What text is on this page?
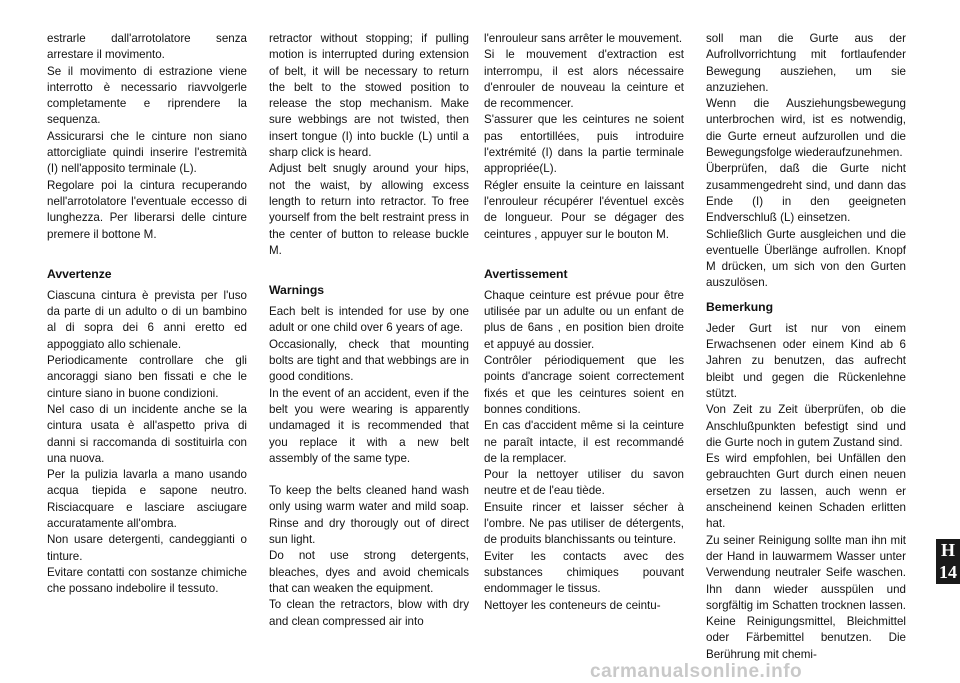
estrarle dall'arrotolatore senza arrestare il movimento.

Se il movimento di estrazione viene interrotto è necessario riavvolgerle completamente e riprendere la sequenza.

Assicurarsi che le cinture non siano attorcigliate quindi inserire l'estremità (I) nell'apposito terminale (L).

Regolare poi la cintura recuperando nell'arrotolatore l'eventuale eccesso di lunghezza. Per liberarsi delle cinture premere il bottone M.

Avvertenze

Ciascuna cintura è prevista per l'uso da parte di un adulto o di un bambino al di sopra dei 6 anni eretto ed appoggiato allo schienale.

Periodicamente controllare che gli ancoraggi siano ben fissati e che le cinture siano in buone condizioni.

Nel caso di un incidente anche se la cintura usata è all'aspetto priva di danni si raccomanda di sostituirla con una nuova.

Per la pulizia lavarla a mano usando acqua tiepida e sapone neutro. Risciacquare e lasciare asciugare accuratamente all'ombra.

Non usare detergenti, candeggianti o tinture.

Evitare contatti con sostanze chimiche che possano indebolire il tessuto.

retractor without stopping; if pulling motion is interrupted during extension of belt, it will be necessary to return the belt to the stowed position to release the stop mechanism. Make sure webbings are not twisted, then insert tongue (I) into buckle (L) until a sharp click is heard.

Adjust belt snugly around your hips, not the waist, by allowing excess length to return into retractor. To free yourself from the belt restraint press in the center of button to release buckle M.

Warnings

Each belt is intended for use by one adult or one child over 6 years of age.

Occasionally, check that mounting bolts are tight and that webbings are in good conditions.

In the event of an accident, even if the belt you were wearing is apparently undamaged it is recommended that you replace it with a new belt assembly of the same type.

To keep the belts cleaned hand wash only using warm water and mild soap. Rinse and dry thorougly out of direct sun light.

Do not use strong detergents, bleaches, dyes and avoid chemicals that can weaken the equipment.

To clean the retractors, blow with dry and clean compressed air into

l'enrouleur sans arrêter le mouvement.

Si le mouvement d'extraction est interrompu, il est alors nécessaire d'enrouler de nouveau la ceinture et de recommencer.

S'assurer que les ceintures ne soient pas entortillées, puis introduire l'extrémité (I) dans la partie terminale appropriée(L).

Régler ensuite la ceinture en laissant l'enrouleur récupérer l'éventuel excès de longueur. Pour se dégager des ceintures , appuyer sur le bouton M.

Avertissement

Chaque ceinture est prévue pour être utilisée par un adulte ou un enfant de plus de 6ans , en position bien droite et appuyé au dossier.

Contrôler périodiquement que les points d'ancrage soient correctement fixés et que les ceintures soient en bonnes conditions.

En cas d'accident même si la ceinture ne paraît intacte, il est recommandé de la remplacer.

Pour la nettoyer utiliser du savon neutre et de l'eau tiède.

Ensuite rincer et laisser sécher à l'ombre. Ne pas utiliser de détergents, de produits blanchissants ou teinture.

Eviter les contacts avec des substances chimiques pouvant endommager le tissus.

Nettoyer les conteneurs de ceintu-

soll man die Gurte aus der Aufrollvorrichtung mit fortlaufender Bewegung ausziehen, um sie anzuziehen.

Wenn die Ausziehungsbewegung unterbrochen wird, ist es notwendig, die Gurte erneut aufzurollen und die Bewegungsfolge wiederaufzunehmen.

Überprüfen, daß die Gurte nicht zusammengedreht sind, und dann das Ende (I) in den geeigneten Endverschluß (L) einsetzen.

Schließlich Gurte ausgleichen und die eventuelle Überlänge aufrollen. Knopf M drücken, um sich von den Gurten auszulösen.

Bemerkung

Jeder Gurt ist nur von einem Erwachsenen oder einem Kind ab 6 Jahren zu benutzen, das aufrecht bleibt und gegen die Rückenlehne stützt.

Von Zeit zu Zeit überprüfen, ob die Anschlußpunkten befestigt sind und die Gurte noch in gutem Zustand sind.

Es wird empfohlen, bei Unfällen den gebrauchten Gurt durch einen neuen ersetzen zu lassen, auch wenn er anscheinend keinen Schaden erlitten hat.

Zu seiner Reinigung sollte man ihn mit der Hand in lauwarmem Wasser unter Verwendung neutraler Seife waschen. Ihn dann wieder ausspülen und sorgfältig im Schatten trocknen lassen. Keine Reinigungsmittel, Bleichmittel oder Färbemittel benutzen. Die Berührung mit chemi-

H
14
carmanualsonline.info
